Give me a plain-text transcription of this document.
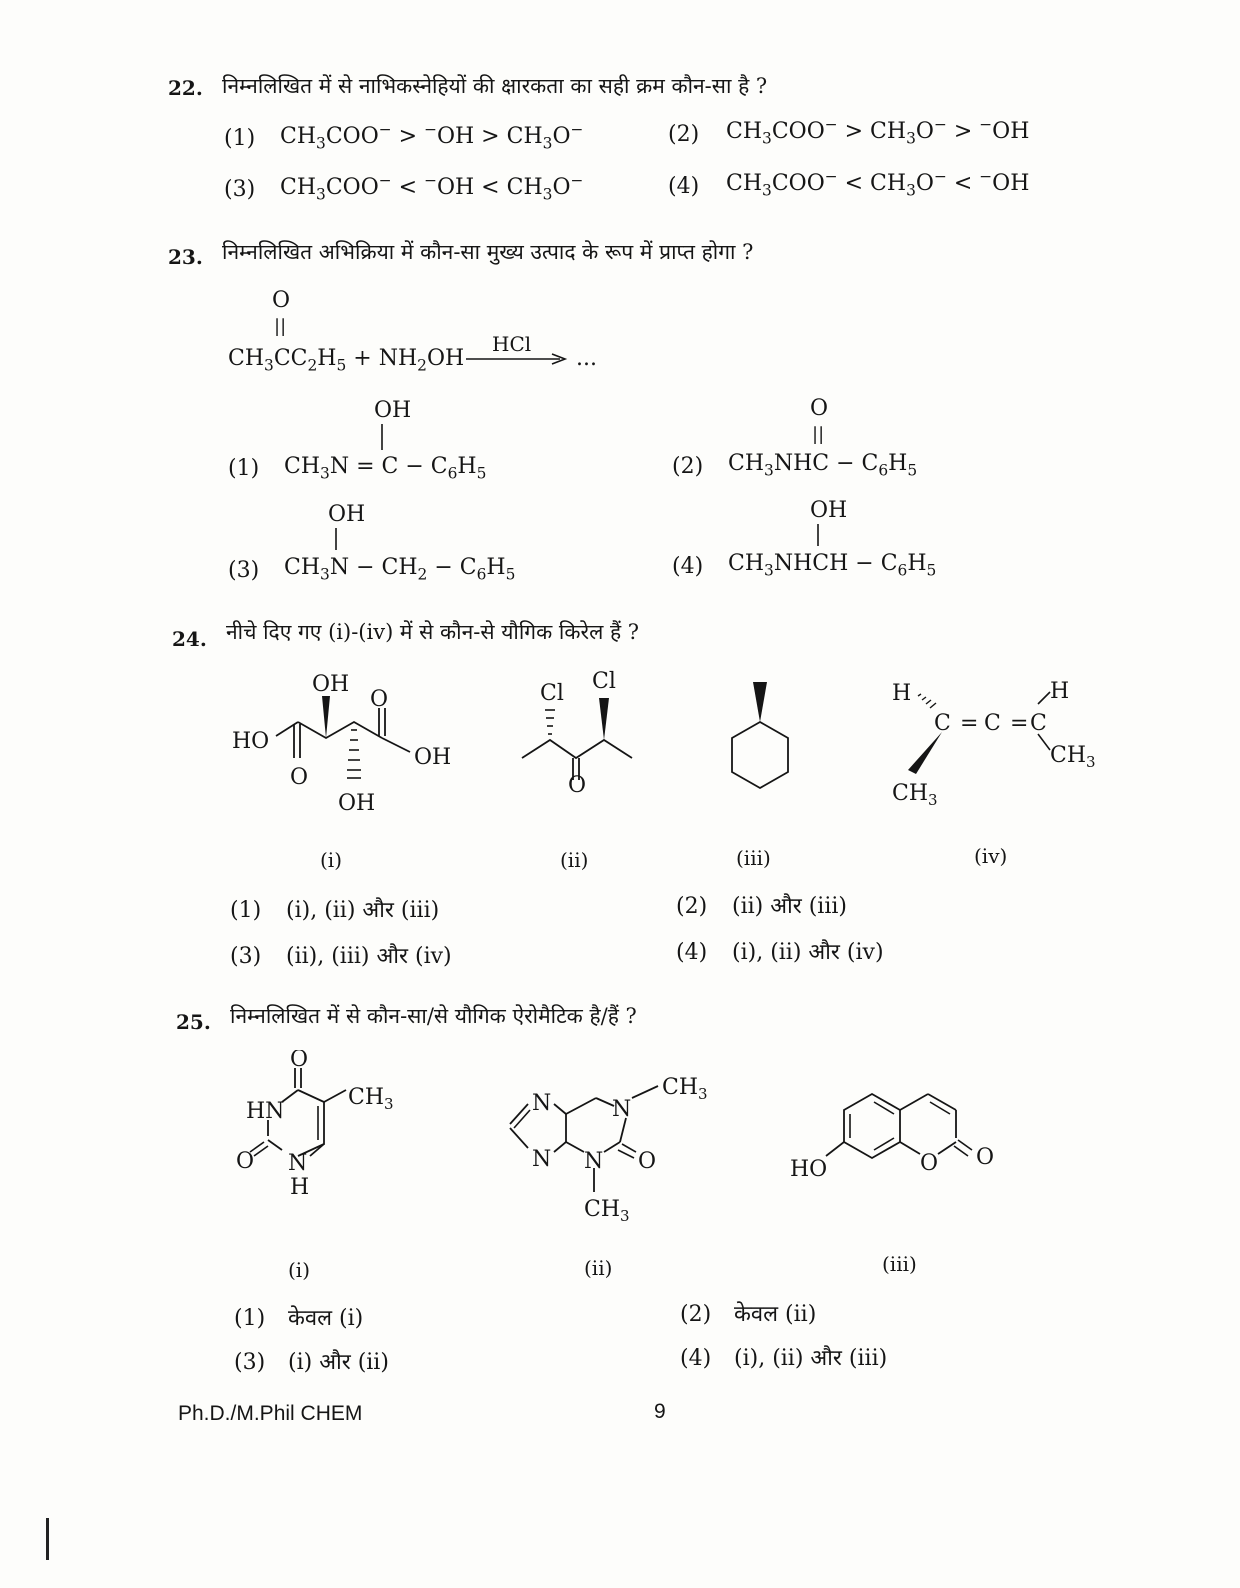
22. निम्नलिखित में से नाभिकस्नेहियों की क्षारकता का सही क्रम कौन-सा है ?
(1) $CH_3COO^- > ^-OH > CH_3O^-$	(2) $CH_3COO^- > CH_3O^- > ^-OH$
(3) $CH_3COO^- < ^-OH < CH_3O^-$	(4) $CH_3COO^- < CH_3O^- < ^-OH$
23. निम्नलिखित अभिक्रिया में कौन-सा मुख्य उत्पाद के रूप में प्राप्त होगा ?
O
||
$CH_3CC_2H_5 + NH_2OH$
HCl
...
OH
(1) $CH_3N = C - C_6H_5$
O
||
(2) $CH_3NHC - C_6H_5$
OH
(3) $CH_3N - CH_2 - C_6H_5$
OH
(4) $CH_3NHCH - C_6H_5$
24. नीचे दिए गए (i)-(iv) में से कौन-से यौगिक किरेल हैं ?
OH
HO
O
O
OH
OH
(i)
Cl Cl
O
(ii)	(iii)
H
C = C = C
$CH_3$
H
$CH_3$
(iv)
(1) (i), (ii) और (iii)	(2) (ii) और (iii)
(3) (ii), (iii) और (iv)	(4) (i), (ii) और (iv)
25. निम्नलिखित में से कौन-सा/से यौगिक ऐरोमैटिक है/हैं ?
O
HN
O N
H
$CH_3$
(i)
N
N
N
N O
$CH_3$
$CH_3$
(ii)
O O
HO
(iii)
(1) केवल (i)	(2) केवल (ii)
(3) (i) और (ii)	(4) (i), (ii) और (iii)
Ph.D./M.Phil CHEM	9
